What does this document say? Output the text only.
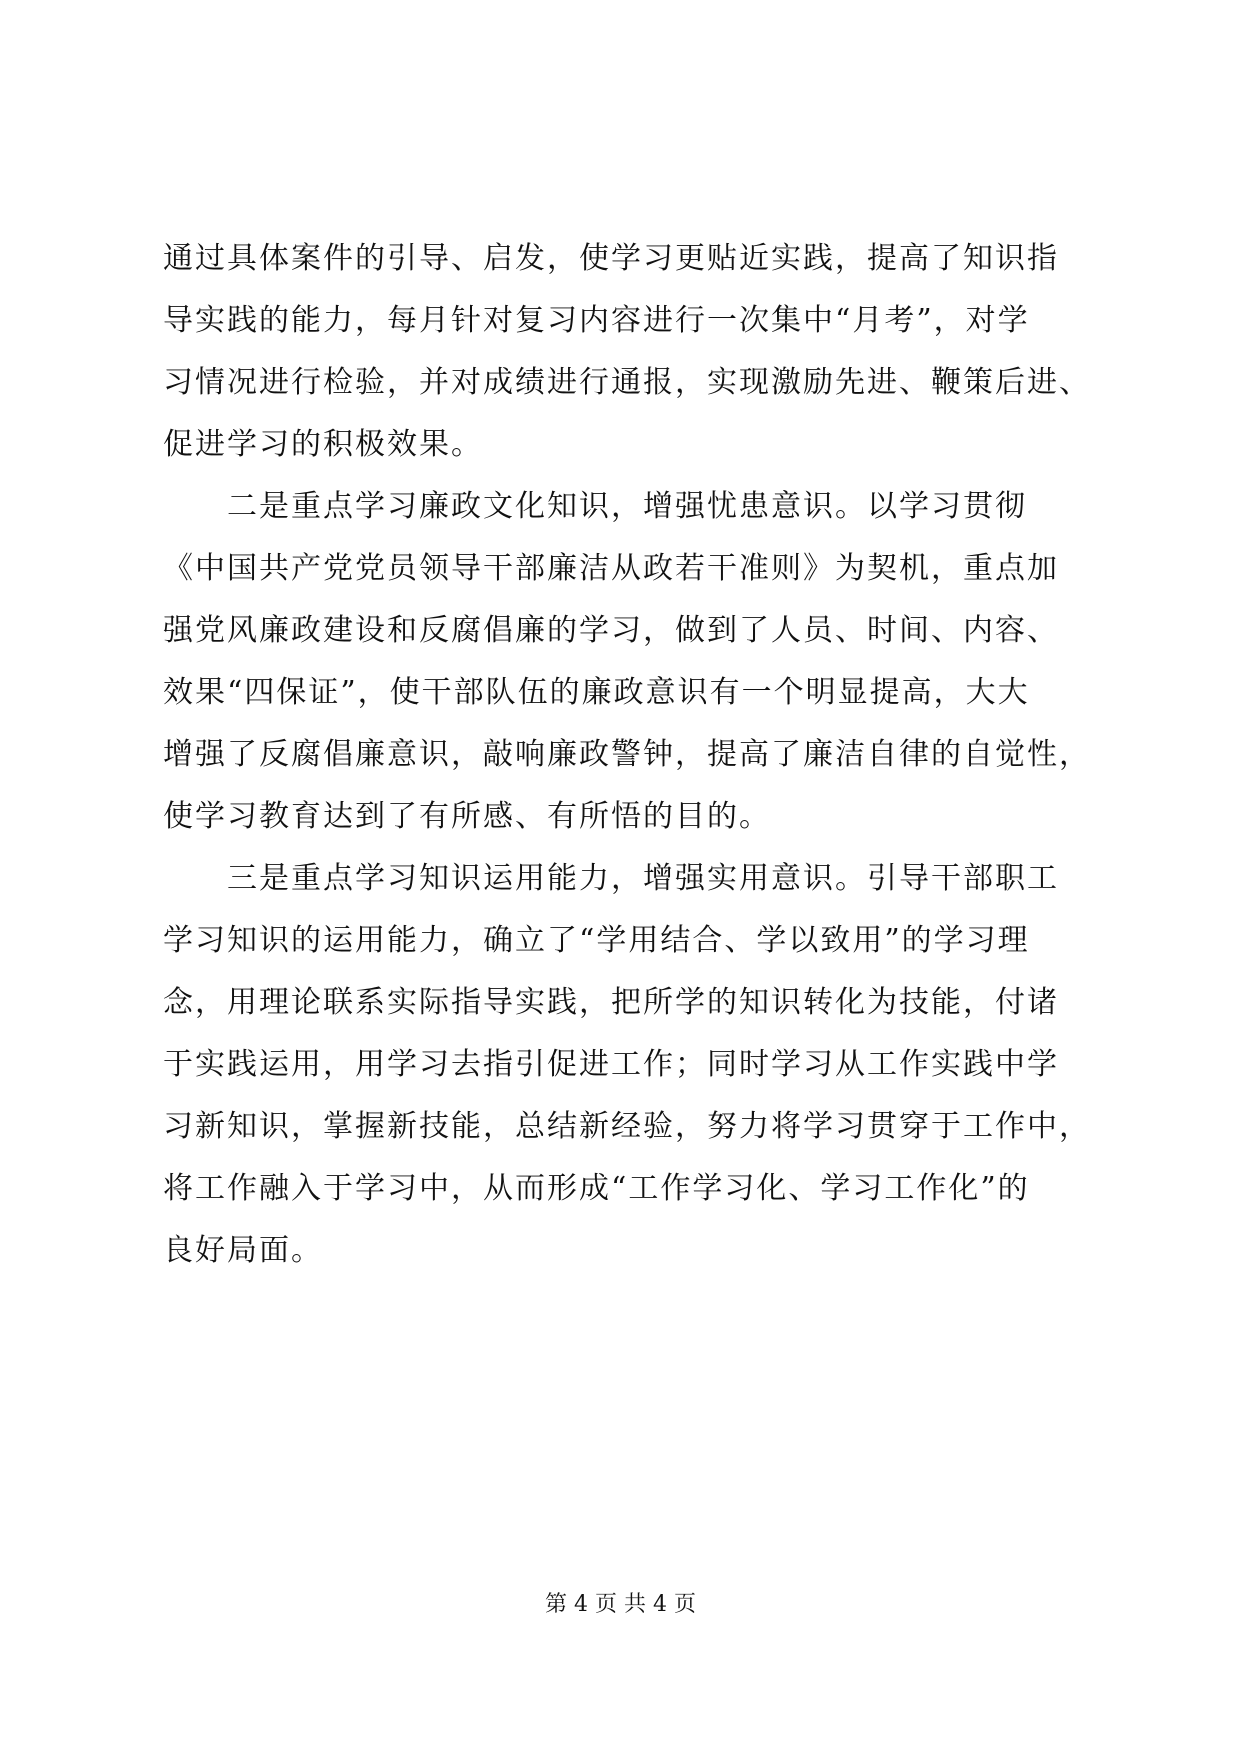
通过具体案件的引导、启发，使学习更贴近实践，提高了知识指
导实践的能力，每月针对复习内容进行一次集中“月考”，对学
习情况进行检验，并对成绩进行通报，实现激励先进、鞭策后进、
促进学习的积极效果。
　　二是重点学习廉政文化知识，增强忧患意识。以学习贯彻
《中国共产党党员领导干部廉洁从政若干准则》为契机，重点加
强党风廉政建设和反腐倡廉的学习，做到了人员、时间、内容、
效果“四保证”，使干部队伍的廉政意识有一个明显提高，大大
增强了反腐倡廉意识，敲响廉政警钟，提高了廉洁自律的自觉性，
使学习教育达到了有所感、有所悟的目的。
　　三是重点学习知识运用能力，增强实用意识。引导干部职工
学习知识的运用能力，确立了“学用结合、学以致用”的学习理
念，用理论联系实际指导实践，把所学的知识转化为技能，付诸
于实践运用，用学习去指引促进工作；同时学习从工作实践中学
习新知识，掌握新技能，总结新经验，努力将学习贯穿于工作中，
将工作融入于学习中，从而形成“工作学习化、学习工作化”的
良好局面。
第 4 页 共 4 页
